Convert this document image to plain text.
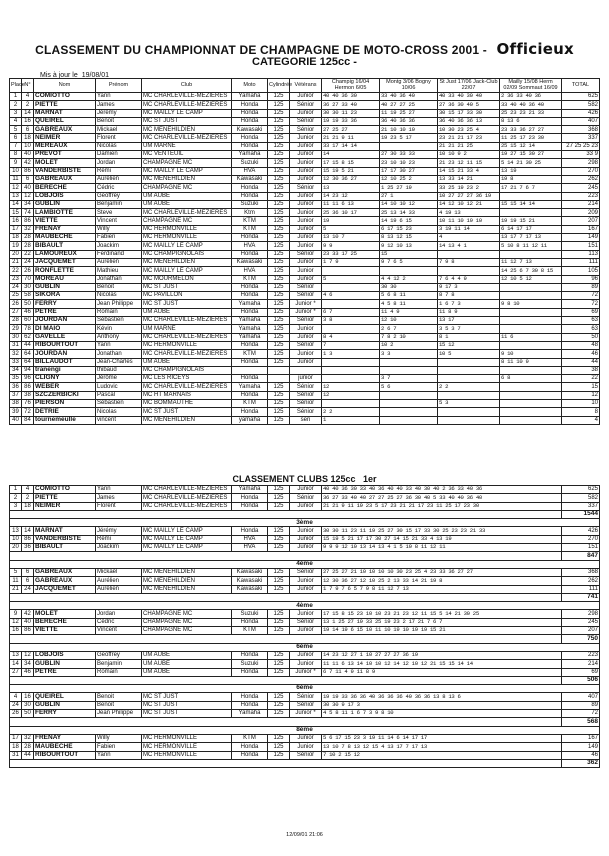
CLASSEMENT DU CHAMPIONNAT DE CHAMPAGNE DE MOTO-CROSS 2001 - Officieux
CATEGORIE 125cc -
Mis à jour le 19/08/01
Place	N°	Nom	Prénom	Club	Moto	Cylindrée	Vétérans	Champig 16/04 Hermon 6/05	Montg 3/06 Bogny 10/06	St Just 17/06 Jack-Club 22/07	Mailly 15/08 Herm 02/09 Sommaut 16/09	TOTAL	
1	4	COMIOTTO	Yann	MC CHARLEVILLE-MEZIERES	Yamaha	125	Junior	40 40 36 30	33 40 36 40	40 33 40 30 40	2 36 33 40 36	625	
2	2	PIETTE	James	MC CHARLEVILLE-MEZIERES	Honda	125	Sénior	36 27 33 40	40 27 27 25	27 36 30 40 5	33 40 40 36 40	582	
3	14	MARNAT	Jérémy	MC MAILLY LE CAMP	Honda	125	Junior	30 30 11 23	11 19 25 27	30 15 17 33 30	25 23 23 21 33	426	
4	16	QUEIREL	Benoit	MC ST JUST	Honda	125	Sénior	19 19 33 36	36 40 36 36	36 40 36 36 13	8 13 6	407	
5	6	GABREAUX	Mickael	MC MENEHILDIEN	Kawasaki	125	Sénior	27 25 27	21 10 10 10	10 30 23 25 4	23 33 36 27 27	368	
6	18	NEIMER	Florent	MC CHARLEVILLE-MEZIERES	Honda	125	Junior	21 21 9 11	19 23 5 17	23 21 21 17 23	11 25 17 23 30	337	
7	10	MEREAUX	Nicolas	UM MARNE	Honda	125	Junior	33 17 14 14		21 21 21 25	25 15 12 14	27 25 25 23	
8	40	PREVOT	Damien	MC VENTEUIL	Yamaha	125	Junior	14	27 30 33 33	10 10 9 2	19 27 15 30 27	33 9	
9	42	MOLET	Jordan	CHAMPAGNE MC	Suzuki	125	Junior	17 15 8 15	23 10 10 23	21 23 12 11 15	5 14 21 30 25	298	
10	86	VANDERBISTE	Rémi	MC MAILLY LE CAMP	HVA	125	Junior	15 19 5 21	17 17 30 27	14 15 21 33 4	13 19	270	
11	6	GABREAUX	Aurélien	MC MENEHILDIEN	Kawasaki	125	Junior	12 30 36 27	12 10 25 2	13 33 14 21	19 8	262	
12	40	BERECHE	Cédric	CHAMPAGNE MC	Honda	125	Sénior	13	1 25 27 19	33 25 19 23 2	17 21 7 6 7	245	
13	12	LOBJOIS	Geoffrey	UM AUBE	Honda	125	Junior	14 23 12	27 1	10 27 27 27 36 19		223	
14	34	GUBLIN	Benjamin	UM AUBE	Suzuki	125	Junior	11 11 6 13	14 10 10 12	14 12 10 12 21	15 15 14 14	214	
15	74	LAMBIOTTE	Steve	MC CHARLEVILLE-MEZIERES	Ktm	125	Junior	25 36 10 17	25 13 14 33	4 19 13		209	
16	86	VIETTE	Vincent	CHAMPAGNE MC	KTM	125	Junior	19	14 19 6 15	10 11 10 19 10	19 19 15 21	207	
17	32	FRENAY	Willy	MC HERMONVILLE	KTM	125	Junior	5	6 17 15 23	3 19 11 14	6 14 17 17	167	
18	28	MAUBECHE	Fabien	MC HERMONVILLE	Honda	125	Junior	13 10 7	8 13 12 15	4	13 17 7 17 13	149	
19	28	BIBAULT	Joackim	MC MAILLY LE CAMP	HVA	125	Junior	9 9	9 12 10 13	14 13 4 1	5 10 8 11 12 11	151	
20	22	LAMOUREUX	Ferdinand	MC CHAMPIGNOLAIS	Honda	125	Sénior	23 33 17 25	15			113	
21	24	JACQUEMET	Aurélien	MC MENEHILDIEN	Kawasaki	125	Junior	1 7 9	9 7 6 5	7 9 8	11 12 7 13	111	
22	26	RONFLETTE	Mathieu	MC MAILLY LE CAMP	HVA	125	Junior				14 25 6 7 30 8 15	105	
23	70	MOREAU	Jonathan	MC MOURMELON	KTM	125	Junior	5	4 4 12 2	7 6 4 4 9	12 10 5 12	96	
24	30	GUBLIN	Benoit	MC ST JUST	Honda	125	Sénior		30 30	9 17 3		89	
25	58	SIKORA	Nicolas	MC PAVILLON	Honda	125	Sénior	4 6	5 6 8 11	8 7 8		72	
26	50	FERRY	Jean Philippe	MC ST JUST	Yamaha	125	Junior *		4 5 8 11	1 6 7 3	9 8 10	72	
27	46	PETRE	Romain	UM AUBE	Honda	125	Junior *	6 7	11 4 9	11 8 9		69	
28	60	JOURDAN	Sébastien	MC CHARLEVILLE-MEZIERES	Yamaha	125	Sénior	3 8	12 10	13 17		63	
29	78	DI MAIO	Kévin	UM MARNE	Yamaha	125	Junior		2 6 7	3 5 3 7		63	
30	62	GAVELLE	Anthony	MC CHARLEVILLE-MEZIERES	Yamaha	125	Junior	8 4	7 8 2 10	8 1	11 6	50	
31	44	RIBOURTOUT	Yann	MC HERMONVILLE	Honda	125	Sénior	7	10 2	15 12		48	
32	64	JOURDAN	Jonathan	MC CHARLEVILLE-MEZIERES	KTM	125	Junior	1 3	3 3	10 5	9 10	46	
33	64	BILLAUDOT	Jean-Charles	UM AUBE	Honda	125	Junior				8 11 10 9	44	
34	94	tranengi	thibaud	MC CHAMPIGNOLAIS								38	
35	96	CLIGNY	Jérôme	MC LES RICEYS	Honda		junior		3 7		6 8	22	
36	86	WEBER	Ludovic	MC CHARLEVILLE-MEZIERES	Yamaha	125	Sénior	12	5 6	2 2		15	
37	38	SZCZERBICKI	Pascal	MC HT MARNAIS	Honda	125	Sénior	12				12	
38	76	PIERSON	Sébastien	MC BOMMAUTHE	KTM	125	Sénior			5 3		10	
39	72	DETRIE	Nicolas	MC ST JUST	Honda	125	Sénior	2 2				8	
40	84	tournemeulle	vincent	MC MENEHILDIEN	yamaha	125	sen	1				4	
CLASSEMENT CLUBS 125cc 1er
1	4	COMIOTTO	Yann	MC CHARLEVILLE-MEZIERES	Yamaha	125	Junior	40 40 36 30 33 40 36 40 40 33 40 30 40 2 36 33 40 36	625
2	2	PIETTE	James	MC CHARLEVILLE-MEZIERES	Honda	125	Sénior	36 27 33 40 40 27 27 25 27 36 30 40 5 33 40 40 36 40	582
3	18	NEIMER	Florent	MC CHARLEVILLE-MEZIERES	Honda	125	Junior	21 21 9 11 19 23 5 17 23 21 21 17 23 11 25 17 23 30	337
									1544
3ème									
13	14	MARNAT	Jérémy	MC MAILLY LE CAMP	Honda	125	Junior	30 30 11 23 11 19 25 27 30 15 17 33 30 25 23 23 21 33	426
10	86	VANDERBISTE	Rémi	MC MAILLY LE CAMP	HVA	125	Junior	15 19 5 21 17 17 30 27 14 15 21 33 4 13 19	270
20	36	BIBAULT	Joackim	MC MAILLY LE CAMP	HVA	125	Junior	9 9 9 12 10 13 14 13 4 1 5 10 8 11 12 11	151
									847
4ème									
5	6	GABREAUX	Mickaël	MC MENEHILDIEN	Kawasaki	125	Sénior	27 25 27 21 10 10 10 10 30 23 25 4 23 33 36 27 27	368
11	6	GABREAUX	Aurélien	MC MENEHILDIEN	Kawasaki	125	Junior	12 30 36 27 12 10 25 2 13 33 14 21 19 8	262
21	24	JACQUEMET	Aurélien	MC MENEHILDIEN	Kawasaki	125	Junior	1 7 9 7 6 5 7 9 8 11 12 7 13	111
									741
4ème									
9	42	MOLET	Jordan	CHAMPAGNE MC	Suzuki	125	Junior	17 15 8 15 23 10 10 23 21 23 12 11 15 5 14 21 30 25	298
12	40	BERECHE	Cédric	CHAMPAGNE MC	Honda	125	Sénior	13 1 25 27 19 33 25 19 23 2 17 21 7 6 7	245
16	86	VIETTE	Vincent	CHAMPAGNE MC	KTM	125	Junior	19 14 19 6 15 10 11 10 19 10 19 19 15 21	207
									750
6ème									
13	12	LOBJOIS	Geoffrey	UM AUBE	Honda	125	Junior	14 23 12 27 1 10 27 27 27 36 19	223
14	34	GUBLIN	Benjamin	UM AUBE	Suzuki	125	Junior	11 11 6 13 14 10 10 12 14 12 10 12 21 15 15 14 14	214
27	46	PETRE	Romain	UM AUBE	Honda	125	Junior *	6 7 11 4 9 11 8 9	69
									506
6ème									
4	16	QUEIREL	Benoit	MC ST JUST	Honda	125	Sénior	19 19 33 36 36 40 36 36 36 40 36 36 13 8 13 6	407
24	30	GUBLIN	Benoit	MC ST JUST	Honda	125	Sénior	30 30 9 17 3	89
26	50	FERRY	Jean Philippe	MC ST JUST	Yamaha	125	Junior *	4 5 8 11 1 6 7 3 9 8 10	72
									568
8ème									
17	32	FRENAY	Willy	MC HERMONVILLE	KTM	125	Junior	5 6 17 15 23 3 19 11 14 6 14 17 17	167
18	28	MAUBECHE	Fabien	MC HERMONVILLE	Honda	125	Junior	13 10 7 8 13 12 15 4 13 17 7 17 13	149
31	44	RIBOURTOUT	Yann	MC HERMONVILLE	Honda	125	Sénior	7 10 2 15 12	46
									362
12/09/01 21:06
